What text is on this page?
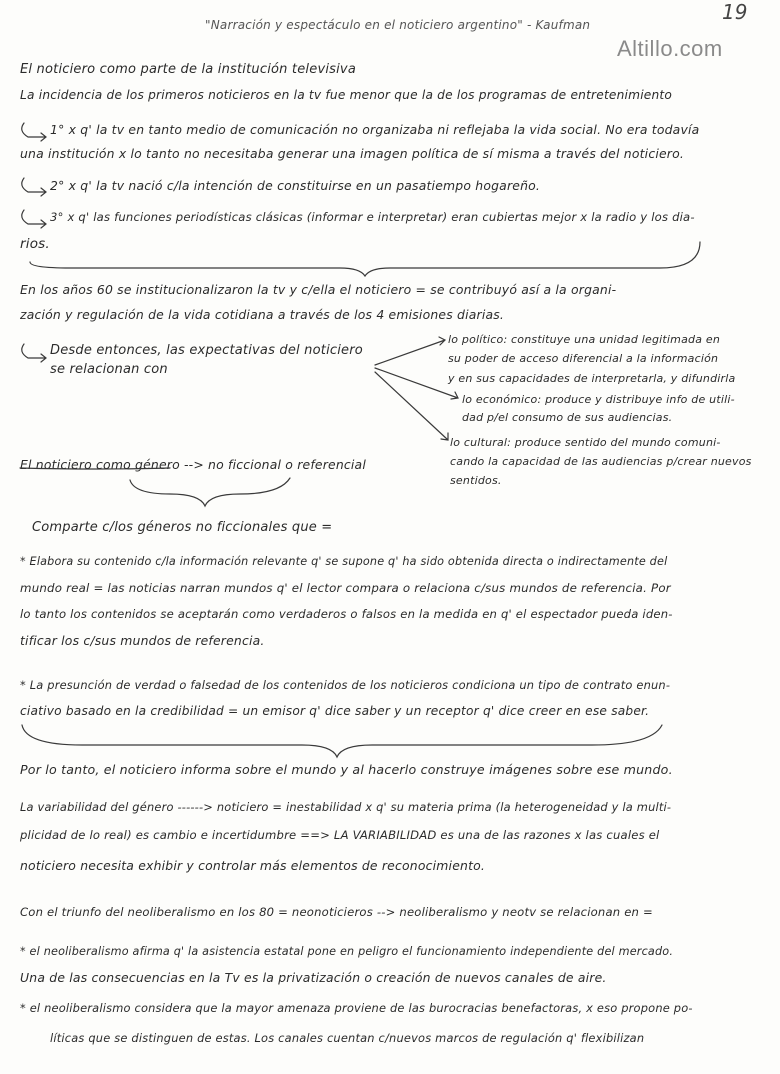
19
"Narración y espectáculo en el noticiero argentino" - Kaufman
Altillo.com
El noticiero como parte de la institución televisiva
La incidencia de los primeros noticieros en la tv fue menor que la de los programas de entretenimiento
1° x q' la tv en tanto medio de comunicación no organizaba ni reflejaba la vida social. No era todavía
una institución x lo tanto no necesitaba generar una imagen política de sí misma a través del noticiero.
2° x q' la tv nació c/la intención de constituirse en un pasatiempo hogareño.
3° x q' las funciones periodísticas clásicas (informar e interpretar) eran cubiertas mejor x la radio y los dia-
rios.
En los años 60 se institucionalizaron la tv y c/ella el noticiero = se contribuyó así a la organi-
zación y regulación de la vida cotidiana a través de los 4 emisiones diarias.
Desde entonces, las expectativas del noticiero
se relacionan con
lo político: constituye una unidad legitimada en
su poder de acceso diferencial a la información
y en sus capacidades de interpretarla, y difundirla
lo económico: produce y distribuye info de utili-
dad p/el consumo de sus audiencias.
lo cultural: produce sentido del mundo comuni-
cando la capacidad de las audiencias p/crear nuevos
sentidos.
El noticiero como género --> no ficcional o referencial
Comparte c/los géneros no ficcionales que =
* Elabora su contenido c/la información relevante q' se supone q' ha sido obtenida directa o indirectamente del
mundo real = las noticias narran mundos q' el lector compara o relaciona c/sus mundos de referencia. Por
lo tanto los contenidos se aceptarán como verdaderos o falsos en la medida en q' el espectador pueda iden-
tificar los c/sus mundos de referencia.
* La presunción de verdad o falsedad de los contenidos de los noticieros condiciona un tipo de contrato enun-
ciativo basado en la credibilidad = un emisor q' dice saber y un receptor q' dice creer en ese saber.
Por lo tanto, el noticiero informa sobre el mundo y al hacerlo construye imágenes sobre ese mundo.
La variabilidad del género ------> noticiero = inestabilidad x q' su materia prima (la heterogeneidad y la multi-
plicidad de lo real) es cambio e incertidumbre ==> LA VARIABILIDAD es una de las razones x las cuales el
noticiero necesita exhibir y controlar más elementos de reconocimiento.
Con el triunfo del neoliberalismo en los 80 = neonoticieros --> neoliberalismo y neotv se relacionan en =
* el neoliberalismo afirma q' la asistencia estatal pone en peligro el funcionamiento independiente del mercado.
Una de las consecuencias en la Tv es la privatización o creación de nuevos canales de aire.
* el neoliberalismo considera que la mayor amenaza proviene de las burocracias benefactoras, x eso propone po-
líticas que se distinguen de estas. Los canales cuentan c/nuevos marcos de regulación q' flexibilizan
